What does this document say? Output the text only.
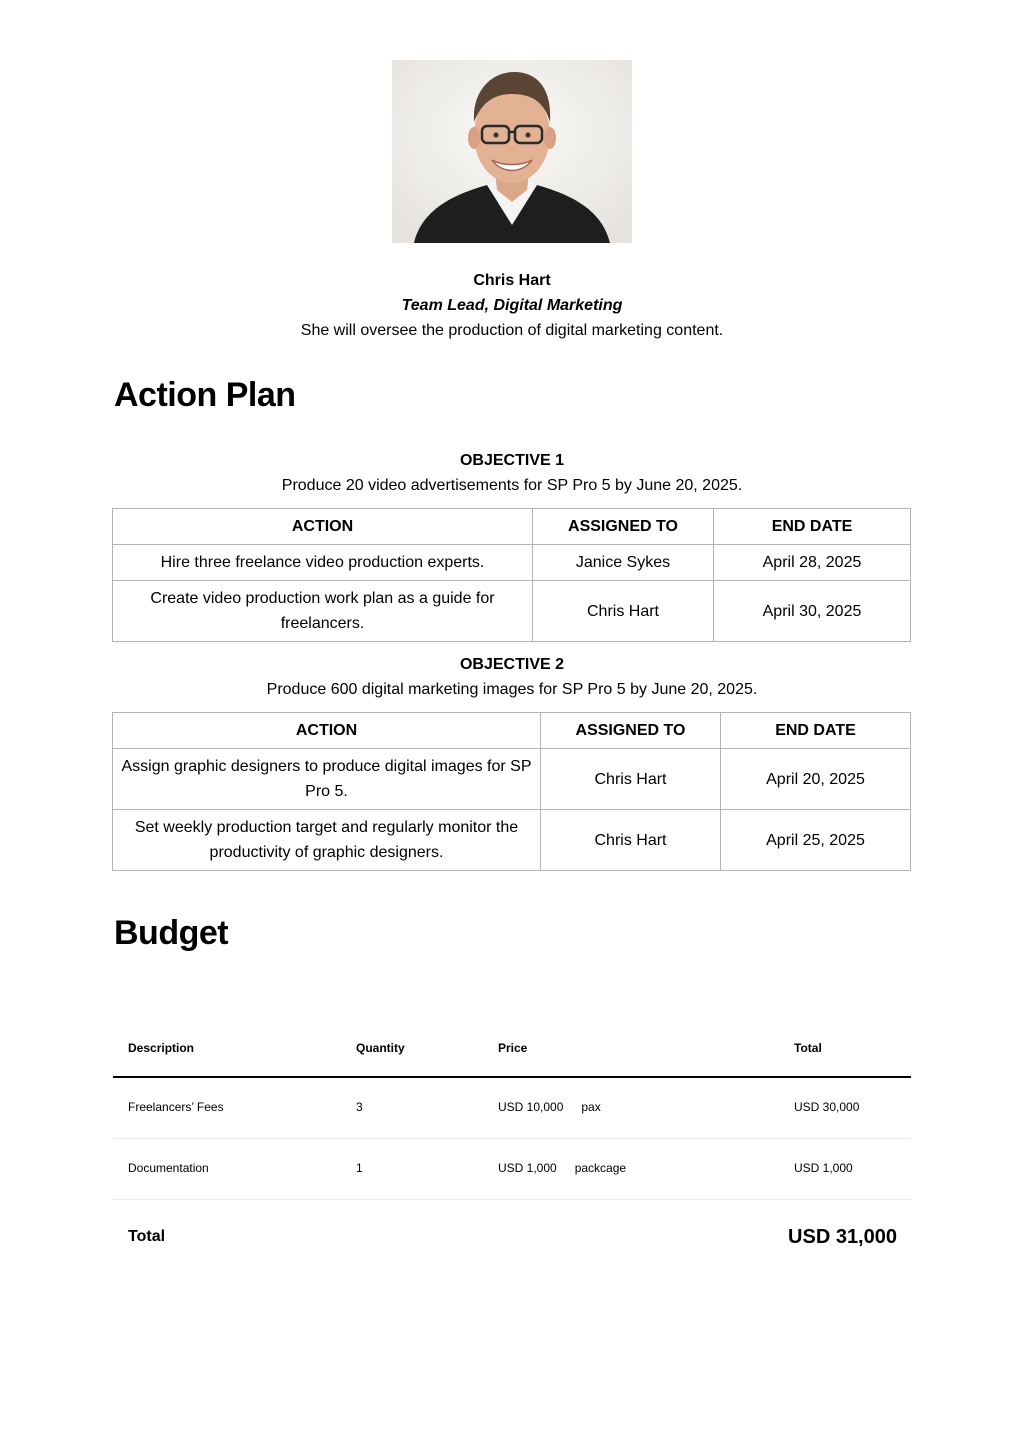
Chris Hart
Team Lead, Digital Marketing
She will oversee the production of digital marketing content.
Action Plan
OBJECTIVE 1
Produce 20 video advertisements for SP Pro 5 by June 20, 2025.
ACTION	ASSIGNED TO	END DATE
Hire three freelance video production experts.	Janice Sykes	April 28, 2025
Create video production work plan as a guide for freelancers.	Chris Hart	April 30, 2025
OBJECTIVE 2
Produce 600 digital marketing images for SP Pro 5 by June 20, 2025.
ACTION	ASSIGNED TO	END DATE
Assign graphic designers to produce digital images for SP Pro 5.	Chris Hart	April 20, 2025
Set weekly production target and regularly monitor the productivity of graphic designers.	Chris Hart	April 25, 2025
Budget
Description	Quantity	Price	Total
Freelancers’ Fees	3	USD 10,000 pax	USD 30,000
Documentation	1	USD 1,000 packcage	USD 1,000
Total	USD 31,000
